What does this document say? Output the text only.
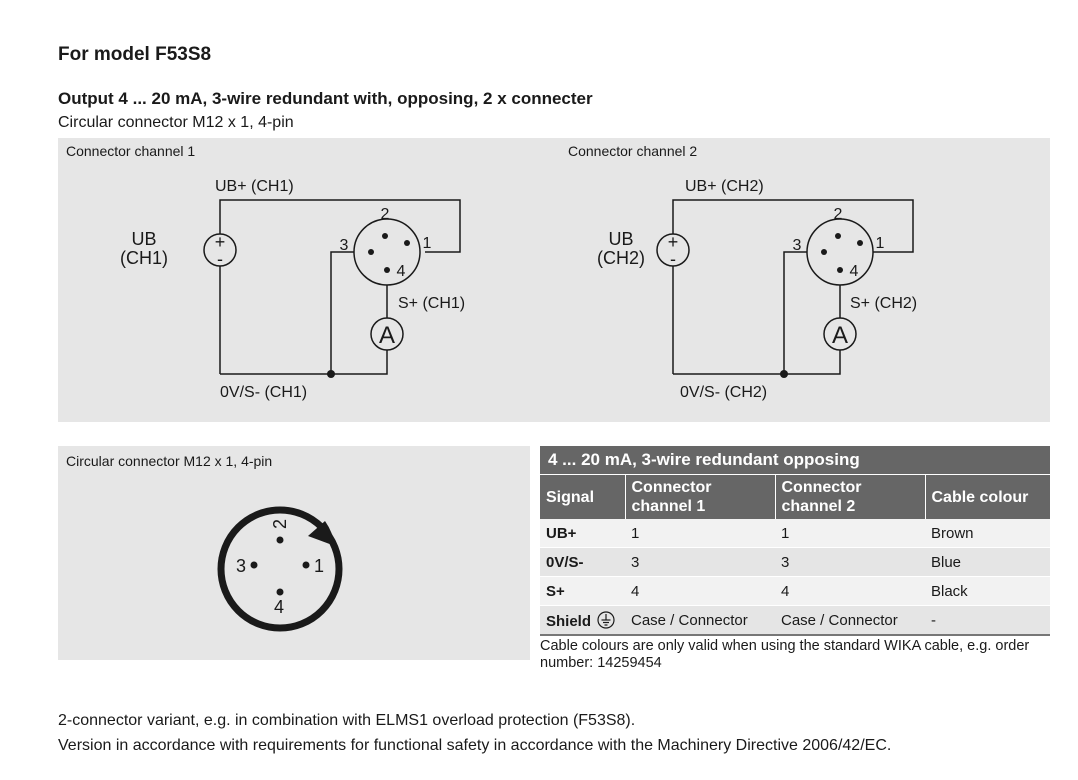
For model F53S8
Output 4 ... 20 mA, 3-wire redundant with, opposing, 2 x connecter
Circular connector M12 x 1, 4-pin
Connector channel 1	Connector channel 2
UB+ (CH1)
UB
(CH1)
+
-
2
3	1
4
S+ (CH1)
A
0V/S- (CH1)
UB+ (CH2)
UB
(CH2)
+
-
2
3	1
4
S+ (CH2)
A
0V/S- (CH2)
Circular connector M12 x 1, 4-pin
2
3	1
4
4 ... 20 mA, 3-wire redundant opposing			
Signal	Connector channel 1	Connector channel 2	Cable colour
UB+	1	1	Brown
0V/S-	3	3	Blue
S+	4	4	Black
Shield	Case / Connector	Case / Connector	-
Cable colours are only valid when using the standard WIKA cable, e.g. order number: 14259454
2-connector variant, e.g. in combination with ELMS1 overload protection (F53S8).
Version in accordance with requirements for functional safety in accordance with the Machinery Directive 2006/42/EC.
